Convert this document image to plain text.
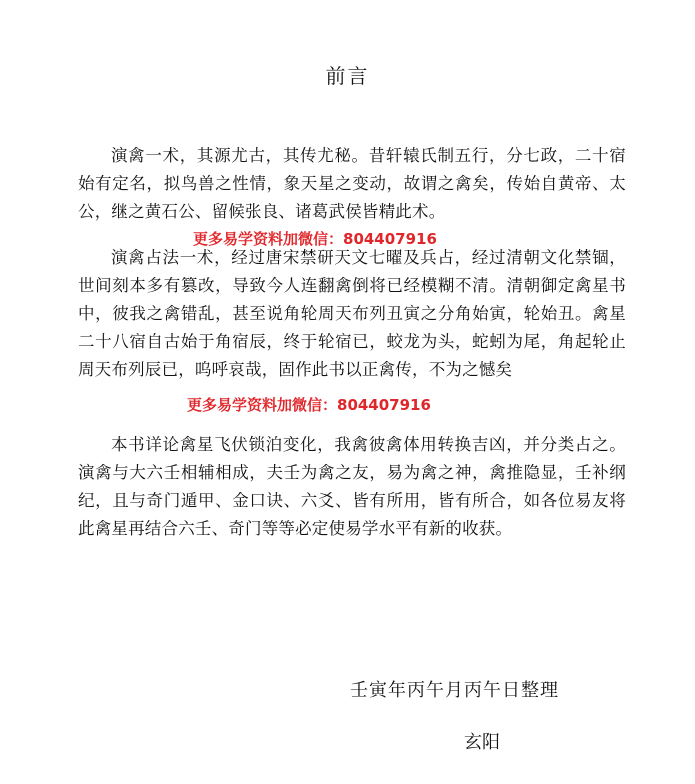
前言

演禽一术，其源尤古，其传尤秘。昔轩辕氏制五行，分七政，二十宿始有定名，拟鸟兽之性情，象天星之变动，故谓之禽矣，传始自黄帝、太公，继之黄石公、留候张良、诸葛武侯皆精此术。

更多易学资料加微信：804407916

演禽占法一术，经过唐宋禁研天文七曜及兵占，经过清朝文化禁锢，世间刻本多有篡改，导致今人连翻禽倒将已经模糊不清。清朝御定禽星书中，彼我之禽错乱，甚至说角轮周天布列丑寅之分角始寅，轮始丑。禽星二十八宿自古始于角宿辰，终于轮宿已，蛟龙为头，蛇蚓为尾，角起轮止周天布列辰已，呜呼哀哉，固作此书以正禽传，不为之憾矣

更多易学资料加微信：804407916

本书详论禽星飞伏锁泊变化，我禽彼禽体用转换吉凶，并分类占之。演禽与大六壬相辅相成，夫壬为禽之友，易为禽之神，禽推隐显，壬补纲纪，且与奇门遁甲、金口诀、六爻、皆有所用，皆有所合，如各位易友将此禽星再结合六壬、奇门等等必定使易学水平有新的收获。

壬寅年丙午月丙午日整理
玄阳
